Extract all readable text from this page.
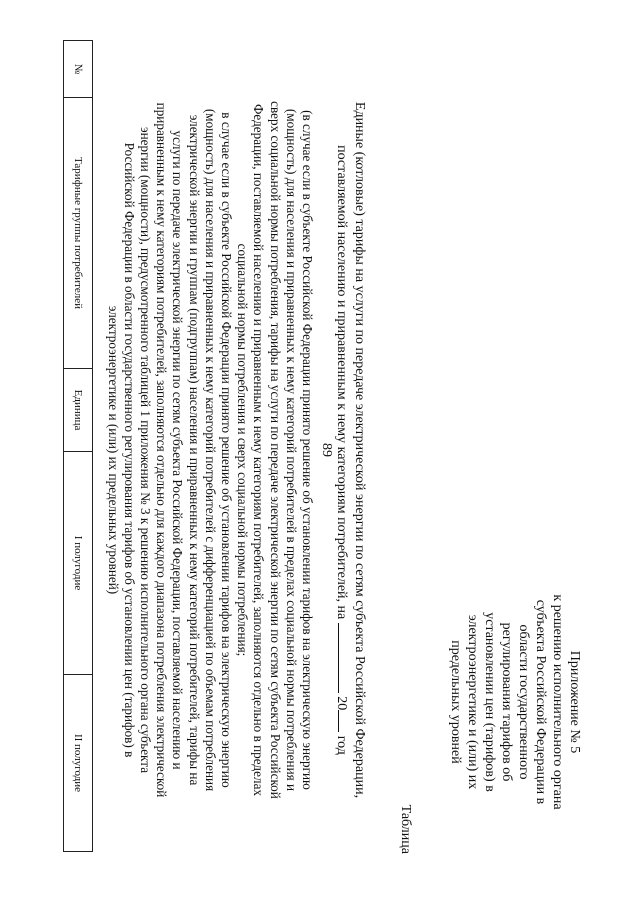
89
Приложение № 5
к решению исполнительного органа
субъекта Российской Федерации в
области государственного
регулирования тарифов об
установлении цен (тарифов) в
электроэнергетике и (или) их
предельных уровней
Таблица
Единые (котловые) тарифы на услуги по передаче электрической энергии по сетям субъекта Российской Федерации,
поставляемой населению и приравненным к нему категориям потребителей, на  20 год
(в случае если в субъекте Российской Федерации принято решение об установлении тарифов на электрическую энергию
(мощность) для населения и приравненных к нему категорий потребителей в пределах социальной нормы потребления и
сверх социальной нормы потребления, тарифы на услуги по передаче электрической энергии по сетям субъекта Российской
Федерации, поставляемой населению и приравненным к нему категориям потребителей, заполняются отдельно в пределах
социальной нормы потребления и сверх социальной нормы потребления;
в случае если в субъекте Российской Федерации принято решение об установлении тарифов на электрическую энергию
(мощность) для населения и приравненных к нему категорий потребителей с дифференциацией по объемам потребления
электрической энергии и группам (подгруппам) населения и приравненных к нему категорий потребителей, тарифы на
услуги по передаче электрической энергии по сетям субъекта Российской Федерации, поставляемой населению и
приравненным к нему категориям потребителей, заполняются отдельно для каждого диапазона потребления электрической
энергии (мощности), предусмотренного таблицей 1 приложения № 3 к решению исполнительного органа субъекта
Российской Федерации в области государственного регулирования тарифов об установлении цен (тарифов) в
электроэнергетике и (или) их предельных уровней)
№	Тарифные группы потребителей	Единица	I полугодие	II полугодие
